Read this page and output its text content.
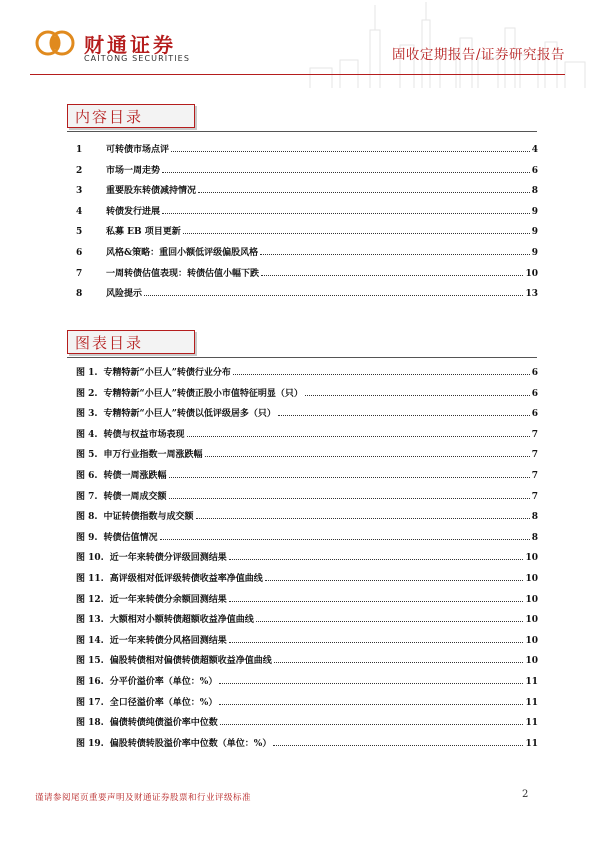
财通证券
CAITONG SECURITIES	固收定期报告/证券研究报告
内容目录
1	可转债市场点评	4
2	市场一周走势	6
3	重要股东转债减持情况	8
4	转债发行进展	9
5	私募 EB 项目更新	9
6	风格&策略：重回小额低评级偏股风格	9
7	一周转债估值表现：转债估值小幅下跌	10
8	风险提示	13
图表目录
图 1. 专精特新“小巨人”转债行业分布	6
图 2. 专精特新“小巨人”转债正股小市值特征明显（只）	6
图 3. 专精特新“小巨人”转债以低评级居多（只）	6
图 4. 转债与权益市场表现	7
图 5. 申万行业指数一周涨跌幅	7
图 6. 转债一周涨跌幅	7
图 7. 转债一周成交额	7
图 8. 中证转债指数与成交额	8
图 9. 转债估值情况	8
图 10. 近一年来转债分评级回测结果	10
图 11. 高评级相对低评级转债收益率净值曲线	10
图 12. 近一年来转债分余额回测结果	10
图 13. 大额相对小额转债超额收益净值曲线	10
图 14. 近一年来转债分风格回测结果	10
图 15. 偏股转债相对偏债转债超额收益净值曲线	10
图 16. 分平价溢价率（单位：%）	11
图 17. 全口径溢价率（单位：%）	11
图 18. 偏债转债纯债溢价率中位数	11
图 19. 偏股转债转股溢价率中位数（单位：%）	11
谨请参阅尾页重要声明及财通证券股票和行业评级标准	2
